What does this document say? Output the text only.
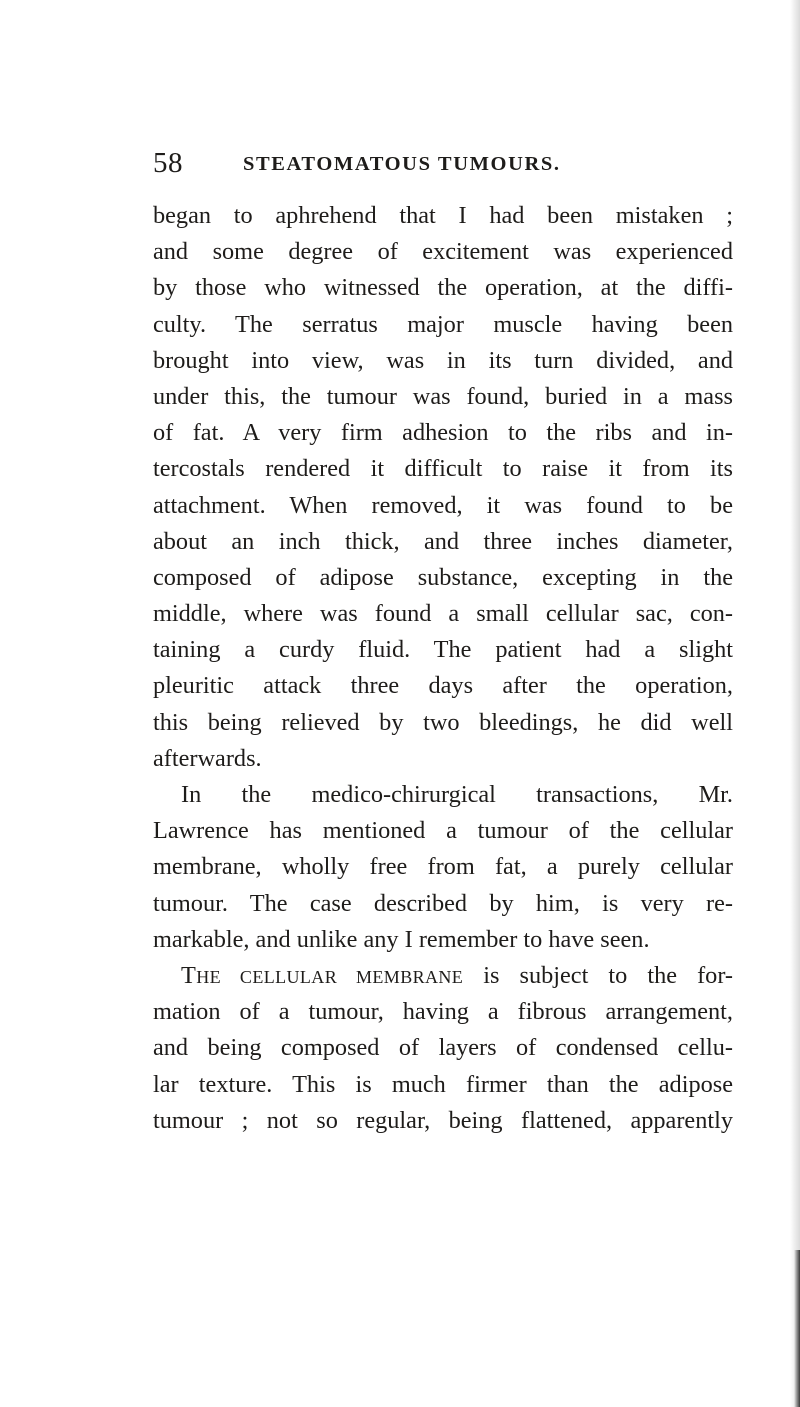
58	STEATOMATOUS TUMOURS.
began to aphrehend that I had been mistaken ;
and some degree of excitement was experienced
by those who witnessed the operation, at the diffi-
culty. The serratus major muscle having been
brought into view, was in its turn divided, and
under this, the tumour was found, buried in a mass
of fat. A very firm adhesion to the ribs and in-
tercostals rendered it difficult to raise it from its
attachment. When removed, it was found to be
about an inch thick, and three inches diameter,
composed of adipose substance, excepting in the
middle, where was found a small cellular sac, con-
taining a curdy fluid. The patient had a slight
pleuritic attack three days after the operation,
this being relieved by two bleedings, he did well
afterwards.
In the medico-chirurgical transactions, Mr.
Lawrence has mentioned a tumour of the cellular
membrane, wholly free from fat, a purely cellular
tumour. The case described by him, is very re-
markable, and unlike any I remember to have seen.
THE CELLULAR MEMBRANE is subject to the for-
mation of a tumour, having a fibrous arrangement,
and being composed of layers of condensed cellu-
lar texture. This is much firmer than the adipose
tumour ; not so regular, being flattened, apparently
